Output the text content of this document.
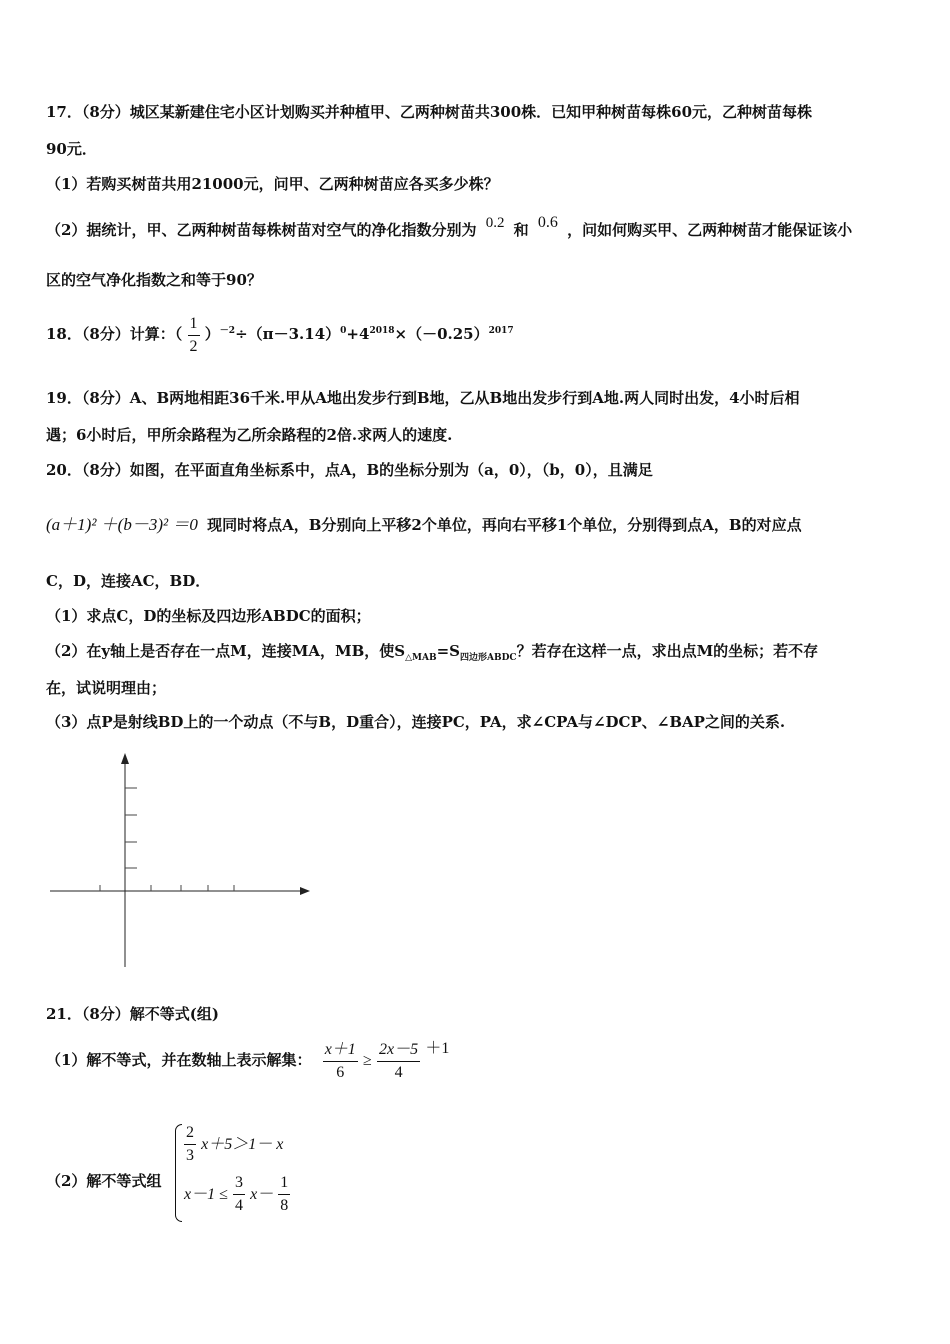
17．（8分）城区某新建住宅小区计划购买并种植甲、乙两种树苗共300株．已知甲种树苗每株60元，乙种树苗每株
90元．
（1）若购买树苗共用21000元，问甲、乙两种树苗应各买多少株？
（2）据统计，甲、乙两种树苗每株树苗对空气的净化指数分别为 0.2 和 0.6 ，问如何购买甲、乙两种树苗才能保证该小
区的空气净化指数之和等于90？
18．（8分）计算：（ $\frac{1}{2} )^{-2}\div(\pi-3.14)^0+4^{2018}\times(-0.25)^{2017}$
19．（8分）A、B两地相距36千米.甲从A地出发步行到B地，乙从B地出发步行到A地.两人同时出发，4小时后相
遇；6小时后，甲所余路程为乙所余路程的2倍.求两人的速度.
20．（8分）如图，在平面直角坐标系中，点A，B的坐标分别为（a，0），（b，0），且满足
(a＋1)² ＋(b－3)² ＝0 现同时将点A，B分别向上平移2个单位，再向右平移1个单位，分别得到点A，B的对应点
C，D，连接AC，BD．
（1）求点C，D的坐标及四边形ABDC的面积；
（2）在y轴上是否存在一点M，连接MA，MB，使$S_{\triangle MAB}=S_{四边形ABDC}$？若存在这样一点，求出点M的坐标；若不存
在，试说明理由；
（3）点P是射线BD上的一个动点（不与B，D重合），连接PC，PA，求∠CPA与∠DCP、∠BAP之间的关系.
21．（8分）解不等式(组)
（1）解不等式，并在数轴上表示解集： $\frac{x+1}{6} \ge \frac{2x-5}{4} +1$
（2）解不等式组
$\frac{2}{3} x+5>1- x$
$x-1 \le \frac{3}{4} x- \frac{1}{8}$
